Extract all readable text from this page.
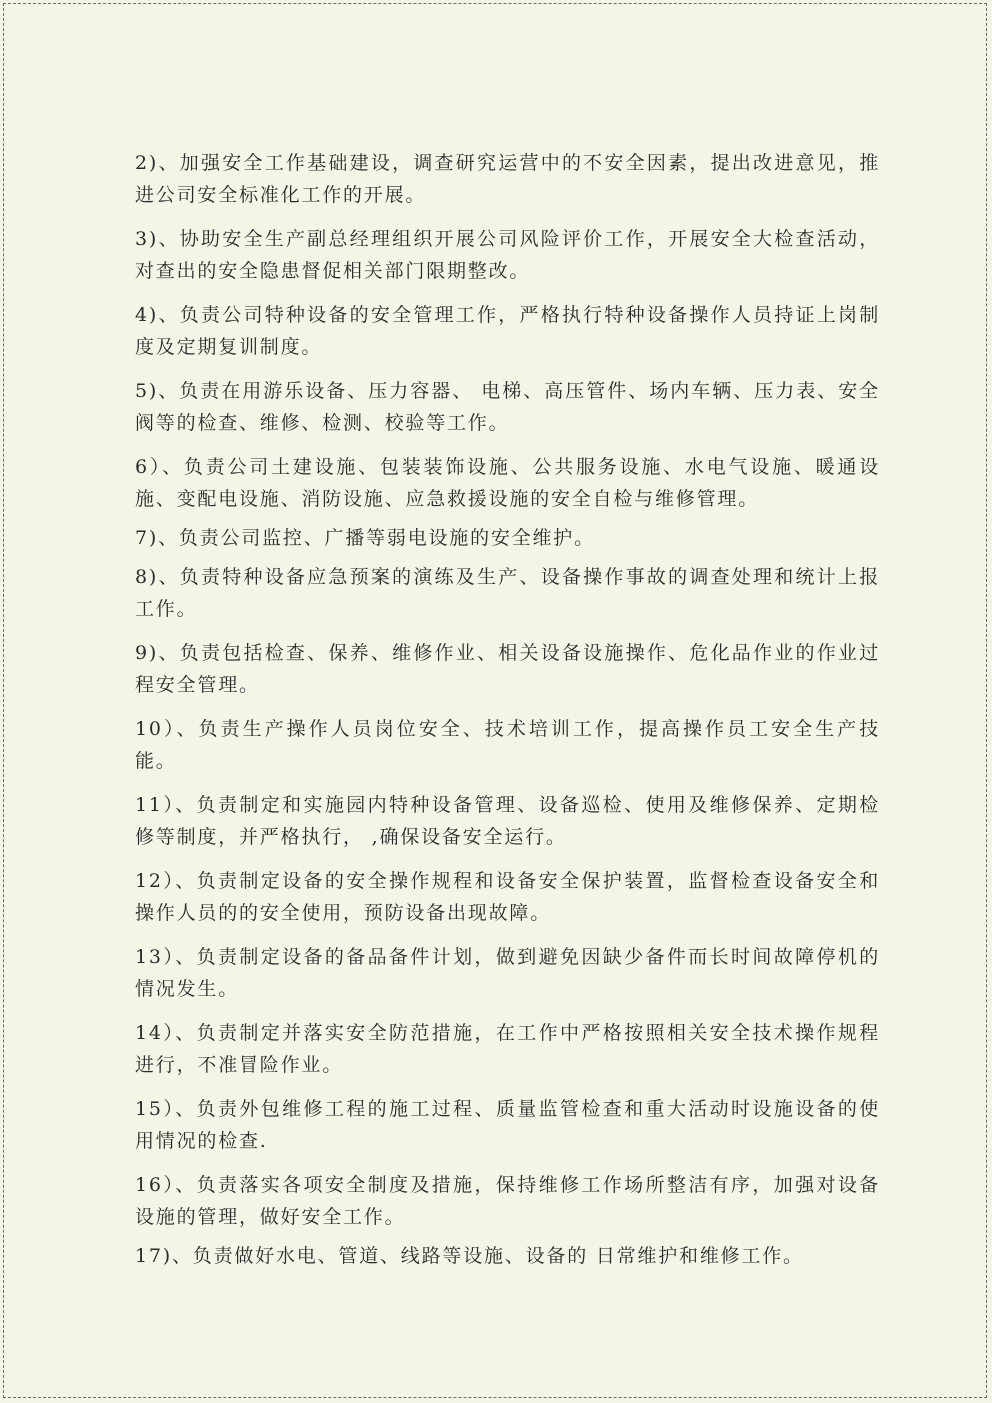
2)、加强安全工作基础建设，调查研究运营中的不安全因素，提出改进意见，推进公司安全标准化工作的开展。

3)、协助安全生产副总经理组织开展公司风险评价工作，开展安全大检查活动，对查出的安全隐患督促相关部门限期整改。

4)、负责公司特种设备的安全管理工作，严格执行特种设备操作人员持证上岗制度及定期复训制度。

5)、负责在用游乐设备、压力容器、 电梯、高压管件、场内车辆、压力表、安全阀等的检查、维修、检测、校验等工作。

6）、负责公司土建设施、包装装饰设施、公共服务设施、水电气设施、暖通设施、变配电设施、消防设施、应急救援设施的安全自检与维修管理。

7)、负责公司监控、广播等弱电设施的安全维护。

8)、负责特种设备应急预案的演练及生产、设备操作事故的调查处理和统计上报工作。

9)、负责包括检查、保养、维修作业、相关设备设施操作、危化品作业的作业过程安全管理。

10）、负责生产操作人员岗位安全、技术培训工作，提高操作员工安全生产技能。

11）、负责制定和实施园内特种设备管理、设备巡检、使用及维修保养、定期检修等制度，并严格执行， ,确保设备安全运行。

12）、负责制定设备的安全操作规程和设备安全保护装置，监督检查设备安全和操作人员的的安全使用，预防设备出现故障。

13）、负责制定设备的备品备件计划，做到避免因缺少备件而长时间故障停机的情况发生。

14）、负责制定并落实安全防范措施，在工作中严格按照相关安全技术操作规程进行，不准冒险作业。

15）、负责外包维修工程的施工过程、质量监管检查和重大活动时设施设备的使用情况的检查.

16）、负责落实各项安全制度及措施，保持维修工作场所整洁有序，加强对设备设施的管理，做好安全工作。

17)、负责做好水电、管道、线路等设施、设备的 日常维护和维修工作。
